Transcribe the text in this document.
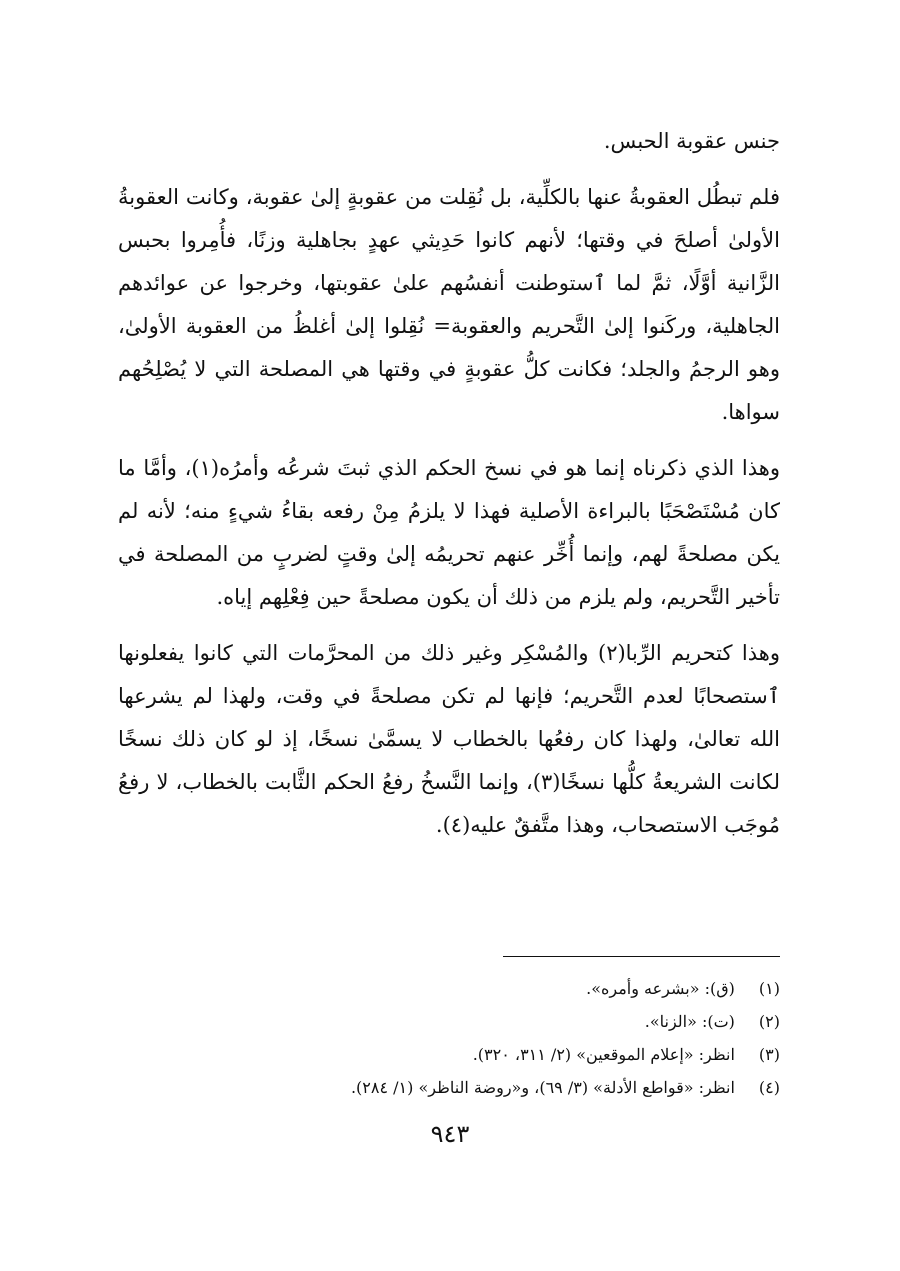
جنس عقوبة الحبس.

فلم تبطُل العقوبةُ عنها بالكلِّية، بل نُقِلت من عقوبةٍ إلىٰ عقوبة، وكانت العقوبةُ الأولىٰ أصلحَ في وقتها؛ لأنهم كانوا حَدِيثي عهدٍ بجاهلية وزنًا، فأُمِروا بحبس الزَّانية أوَّلًا، ثمَّ لما ٱستوطنت أنفسُهم علىٰ عقوبتها، وخرجوا عن عوائدهم الجاهلية، وركَنوا إلىٰ التَّحريم والعقوبة= نُقِلوا إلىٰ أغلظُ من العقوبة الأولىٰ، وهو الرجمُ والجلد؛ فكانت كلُّ عقوبةٍ في وقتها هي المصلحة التي لا يُصْلِحُهم سواها.

وهذا الذي ذكرناه إنما هو في نسخ الحكم الذي ثبتَ شرعُه وأمرُه(١)، وأمَّا ما كان مُسْتَصْحَبًا بالبراءة الأصلية فهذا لا يلزمُ مِنْ رفعه بقاءُ شيءٍ منه؛ لأنه لم يكن مصلحةً لهم، وإنما أُخِّر عنهم تحريمُه إلىٰ وقتٍ لضربٍ من المصلحة في تأخير التَّحريم، ولم يلزم من ذلك أن يكون مصلحةً حين فِعْلِهم إياه.

وهذا كتحريم الرِّبا(٢) والمُسْكِر وغير ذلك من المحرَّمات التي كانوا يفعلونها ٱستصحابًا لعدم التَّحريم؛ فإنها لم تكن مصلحةً في وقت، ولهذا لم يشرعها الله تعالىٰ، ولهذا كان رفعُها بالخطاب لا يسمَّىٰ نسخًا، إذ لو كان ذلك نسخًا لكانت الشريعةُ كلُّها نسخًا(٣)، وإنما النَّسخُ رفعُ الحكم الثَّابت بالخطاب، لا رفعُ مُوجَب الاستصحاب، وهذا متَّفقٌ عليه(٤).

(١) (ق): «بشرعه وأمره».
(٢) (ت): «الزنا».
(٣) انظر: «إعلام الموقعين» (٢/ ٣١١، ٣٢٠).
(٤) انظر: «قواطع الأدلة» (٣/ ٦٩)، و«روضة الناظر» (١/ ٢٨٤).
٩٤٣
